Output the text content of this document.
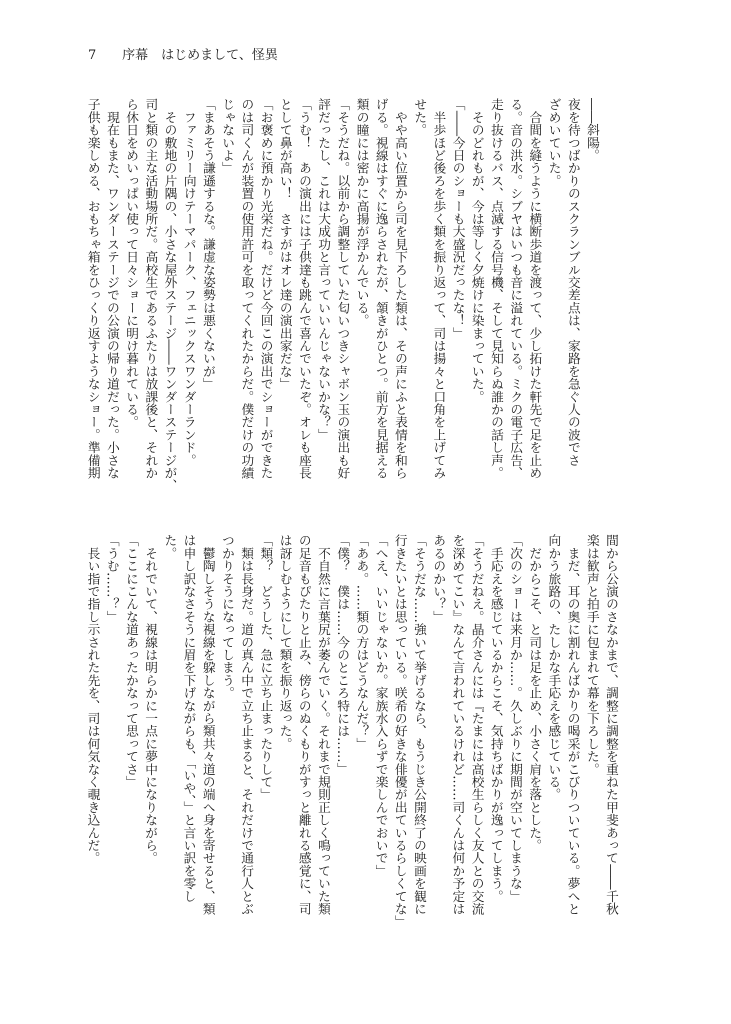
7 序幕　はじめまして、怪異
――斜陽。
夜を待つばかりのスクランブル交差点は、家路を急ぐ人の波でさ
ざめいていた。
　合間を縫うように横断歩道を渡って、少し拓けた軒先で足を止め
る。音の洪水。シブヤはいつも音に溢れている。ミクの電子広告、
走り抜けるバス、点滅する信号機、そして見知らぬ誰かの話し声。
　そのどれもが、今は等しく夕焼けに染まっていた。
「――今日のショーも大盛況だったな！」
　半歩ほど後ろを歩く類を振り返って、司は揚々と口角を上げてみ
せた。
　やや高い位置から司を見下ろした類は、その声にふと表情を和ら
げる。視線はすぐに逸らされたが、頷きがひとつ。前方を見据える
類の瞳には密かに高揚が浮かんでいる。
「そうだね。以前から調整していた匂いつきシャボン玉の演出も好
評だったし、これは大成功と言っていいんじゃないかな？」
「うむ！　あの演出には子供達も跳んで喜んでいたぞ。オレも座長
として鼻が高い！　さすがはオレ達の演出家だな」
「お褒めに預かり光栄だね。だけど今回この演出でショーができた
のは司くんが装置の使用許可を取ってくれたからだ。僕だけの功績
じゃないよ」
「まあそう謙遜するな。謙虚な姿勢は悪くないが」
　ファミリー向けテーマパーク、フェニックスワンダーランド。
　その敷地の片隅の、小さな屋外ステージ――ワンダーステージが、
司と類の主な活動場所だ。高校生であるふたりは放課後と、それか
ら休日をめいっぱい使って日々ショーに明け暮れている。
　現在もまた、ワンダーステージでの公演の帰り道だった。小さな
子供も楽しめる、おもちゃ箱をひっくり返すようなショー。準備期
間から公演のさなかまで、調整に調整を重ねた甲斐あって――千秋
楽は歓声と拍手に包まれて幕を下ろした。
　まだ、耳の奥に割れんばかりの喝采がこびりついている。夢へと
向かう旅路の、たしかな手応えを感じている。
　だからこそ、と司は足を止め、小さく肩を落とした。
「次のショーは来月か……。久しぶりに期間が空いてしまうな」
　手応えを感じているからこそ、気持ちばかりが逸ってしまう。
「そうだねえ。晶介さんには『たまには高校生らしく友人との交流
を深めてこい』なんて言われているけれど……司くんは何か予定は
あるのかい？」
「そうだな……強いて挙げるなら、もうじき公開終了の映画を観に
行きたいとは思っている。咲希の好きな俳優が出ているらしくてな」
「へえ、いいじゃないか。家族水入らずで楽しんでおいで」
「ああ。……類の方はどうなんだ？」
「僕？　僕は……今のところ特には……」
　不自然に言葉尻が萎んでいく。それまで規則正しく鳴っていた類
の足音もぴたりと止み、傍らのぬくもりがすっと離れる感覚に、司
は訝しむようにして類を振り返った。
「類？　どうした、急に立ち止まったりして」
　類は長身だ。道の真ん中で立ち止まると、それだけで通行人とぶ
つかりそうになってしまう。
　鬱陶しそうな視線を躱しながら類共々道の端へ身を寄せると、類
は申し訳なさそうに眉を下げながらも、「いや、」と言い訳を零し
た。
　それでいて、視線は明らかに一点に夢中になりながら。
「ここにこんな道あったかなって思ってさ」
「うむ……？」
　長い指で指し示された先を、司は何気なく覗き込んだ。
